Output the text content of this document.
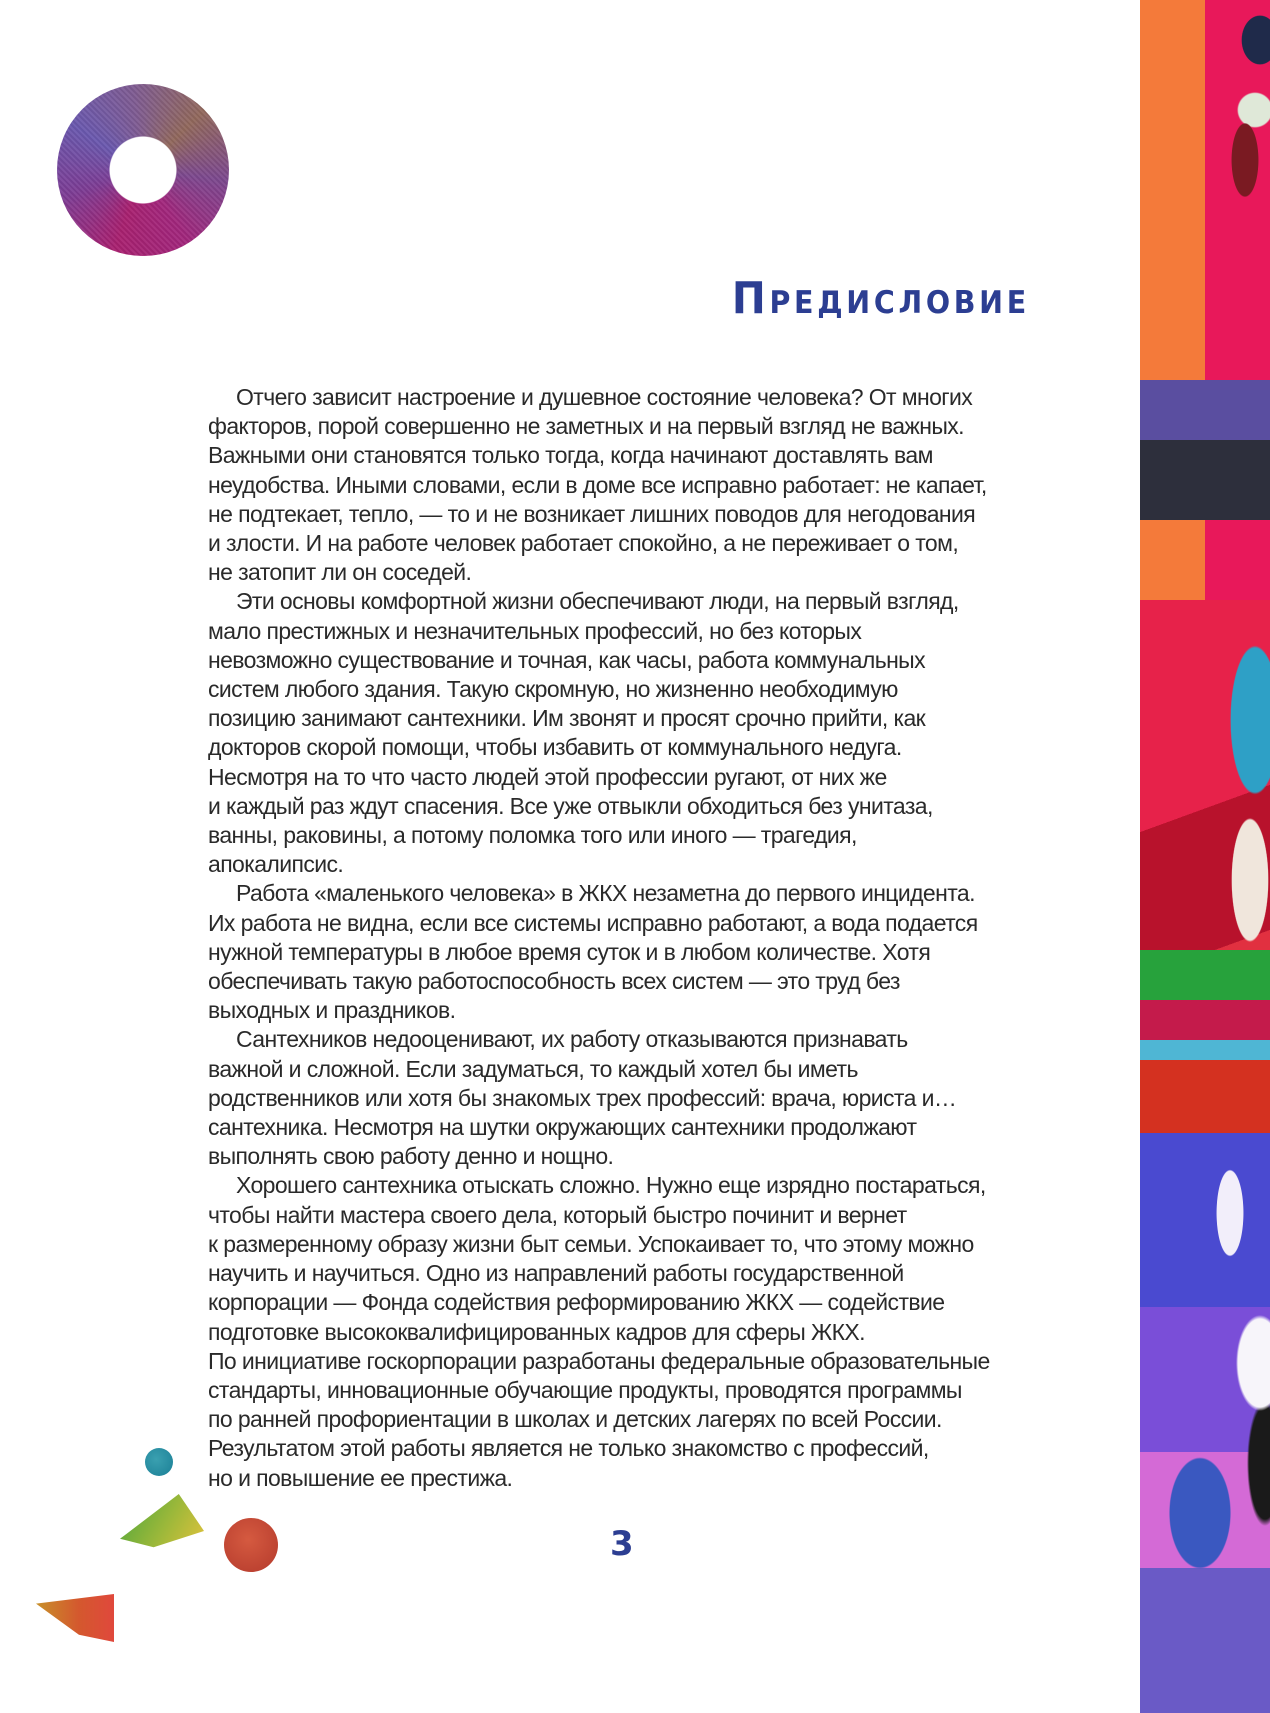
Предисловие

Отчего зависит настроение и душевное состояние человека? От многих
факторов, порой совершенно не заметных и на первый взгляд не важных.
Важными они становятся только тогда, когда начинают доставлять вам
неудобства. Иными словами, если в доме все исправно работает: не капает,
не подтекает, тепло, — то и не возникает лишних поводов для негодования
и злости. И на работе человек работает спокойно, а не переживает о том,
не затопит ли он соседей.

Эти основы комфортной жизни обеспечивают люди, на первый взгляд,
мало престижных и незначительных профессий, но без которых
невозможно существование и точная, как часы, работа коммунальных
систем любого здания. Такую скромную, но жизненно необходимую
позицию занимают сантехники. Им звонят и просят срочно прийти, как
докторов скорой помощи, чтобы избавить от коммунального недуга.
Несмотря на то что часто людей этой профессии ругают, от них же
и каждый раз ждут спасения. Все уже отвыкли обходиться без унитаза,
ванны, раковины, а потому поломка того или иного — трагедия,
апокалипсис.

Работа «маленького человека» в ЖКХ незаметна до первого инцидента.
Их работа не видна, если все системы исправно работают, а вода подается
нужной температуры в любое время суток и в любом количестве. Хотя
обеспечивать такую работоспособность всех систем — это труд без
выходных и праздников.

Сантехников недооценивают, их работу отказываются признавать
важной и сложной. Если задуматься, то каждый хотел бы иметь
родственников или хотя бы знакомых трех профессий: врача, юриста и…
сантехника. Несмотря на шутки окружающих сантехники продолжают
выполнять свою работу денно и нощно.

Хорошего сантехника отыскать сложно. Нужно еще изрядно постараться,
чтобы найти мастера своего дела, который быстро починит и вернет
к размеренному образу жизни быт семьи. Успокаивает то, что этому можно
научить и научиться. Одно из направлений работы государственной
корпорации — Фонда содействия реформированию ЖКХ — содействие
подготовке высококвалифицированных кадров для сферы ЖКХ.
По инициативе госкорпорации разработаны федеральные образовательные
стандарты, инновационные обучающие продукты, проводятся программы
по ранней профориентации в школах и детских лагерях по всей России.
Результатом этой работы является не только знакомство с профессий,
но и повышение ее престижа.

3
